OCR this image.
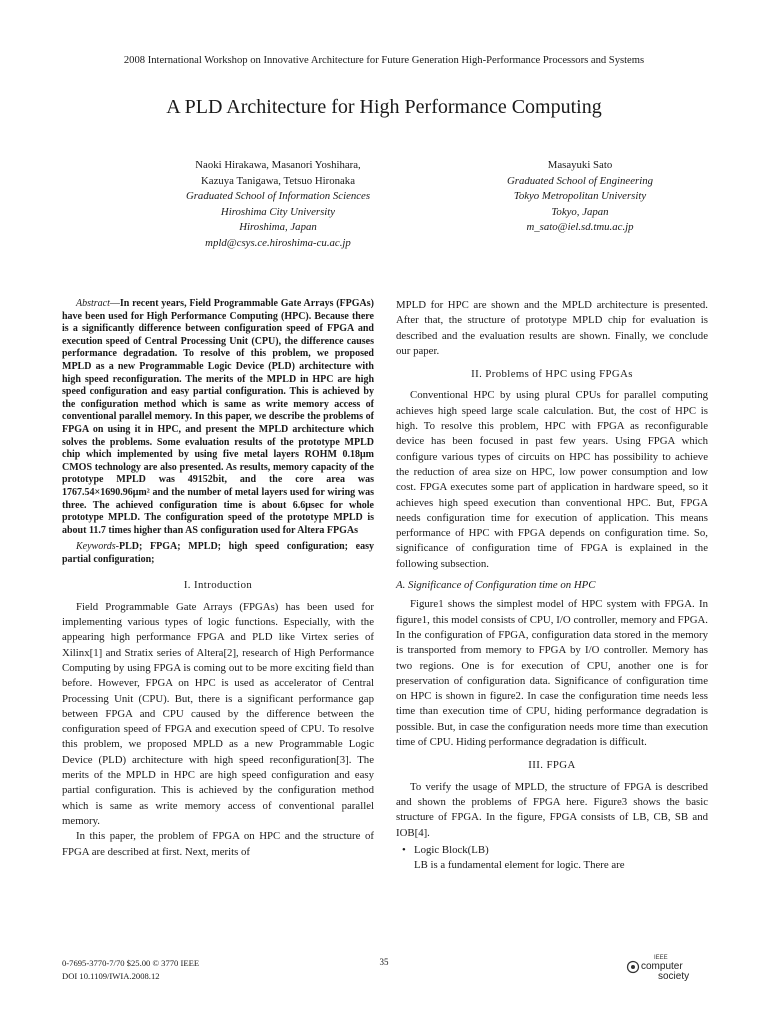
2008 International Workshop on Innovative Architecture for Future Generation High-Performance Processors and Systems
A PLD Architecture for High Performance Computing
Naoki Hirakawa, Masanori Yoshihara,
Kazuya Tanigawa, Tetsuo Hironaka
Graduated School of Information Sciences
Hiroshima City University
Hiroshima, Japan
mpld@csys.ce.hiroshima-cu.ac.jp
Masayuki Sato
Graduated School of Engineering
Tokyo Metropolitan University
Tokyo, Japan
m_sato@iel.sd.tmu.ac.jp

Abstract—In recent years, Field Programmable Gate Arrays (FPGAs) have been used for High Performance Computing (HPC). Because there is a significantly difference between configuration speed of FPGA and execution speed of Central Processing Unit (CPU), the difference causes performance degradation. To resolve of this problem, we proposed MPLD as a new Programmable Logic Device (PLD) architecture with high speed reconfiguration. The merits of the MPLD in HPC are high speed configuration and easy partial configuration. This is achieved by the configuration method which is same as write memory access of conventional parallel memory. In this paper, we describe the problems of FPGA on using it in HPC, and present the MPLD architecture which solves the problems. Some evaluation results of the prototype MPLD chip which implemented by using five metal layers ROHM 0.18μm CMOS technology are also presented. As results, memory capacity of the prototype MPLD was 49152bit, and the core area was 1767.54×1690.96μm² and the number of metal layers used for wiring was three. The achieved configuration time is about 6.6μsec for whole prototype MPLD. The configuration speed of the prototype MPLD is about 11.7 times higher than AS configuration used for Altera FPGAs

Keywords-PLD; FPGA; MPLD; high speed configuration; easy partial configuration;

I. Introduction

Field Programmable Gate Arrays (FPGAs) has been used for implementing various types of logic functions. Especially, with the appearing high performance FPGA and PLD like Virtex series of Xilinx[1] and Stratix series of Altera[2], research of High Performance Computing by using FPGA is coming out to be more exciting field than before. However, FPGA on HPC is used as accelerator of Central Processing Unit (CPU). But, there is a significant performance gap between FPGA and CPU caused by the difference between the configuration speed of FPGA and execution speed of CPU. To resolve this problem, we proposed MPLD as a new Programmable Logic Device (PLD) architecture with high speed reconfiguration[3]. The merits of the MPLD in HPC are high speed configuration and easy partial configuration. This is achieved by the configuration method which is same as write memory access of conventional parallel memory.

In this paper, the problem of FPGA on HPC and the structure of FPGA are described at first. Next, merits of

MPLD for HPC are shown and the MPLD architecture is presented. After that, the structure of prototype MPLD chip for evaluation is described and the evaluation results are shown. Finally, we conclude our paper.

II. Problems of HPC using FPGAs

Conventional HPC by using plural CPUs for parallel computing achieves high speed large scale calculation. But, the cost of HPC is high. To resolve this problem, HPC with FPGA as reconfigurable device has been focused in past few years. Using FPGA which configure various types of circuits on HPC has possibility to achieve the reduction of area size on HPC, low power consumption and low cost. FPGA executes some part of application in hardware speed, so it achieves high speed execution than conventional HPC. But, FPGA needs configuration time for execution of application. This means performance of HPC with FPGA depends on configuration time. So, significance of configuration time of FPGA is explained in the following subsection.

A. Significance of Configuration time on HPC

Figure1 shows the simplest model of HPC system with FPGA. In figure1, this model consists of CPU, I/O controller, memory and FPGA. In the configuration of FPGA, configuration data stored in the memory is transported from memory to FPGA by I/O controller. Memory has two regions. One is for execution of CPU, another one is for preservation of configuration data. Significance of configuration time on HPC is shown in figure2. In case the configuration time needs less time than execution time of CPU, hiding performance degradation is possible. But, in case the configuration needs more time than execution time of CPU. Hiding performance degradation is difficult.

III. FPGA

To verify the usage of MPLD, the structure of FPGA is described and shown the problems of FPGA here. Figure3 shows the basic structure of FPGA. In the figure, FPGA consists of LB, CB, SB and IOB[4].

• Logic Block(LB)
LB is a fundamental element for logic. There are
0-7695-3770-7/70 $25.00 © 3770 IEEE
DOI 10.1109/IWIA.2008.12
35	IEEE
computer
society
